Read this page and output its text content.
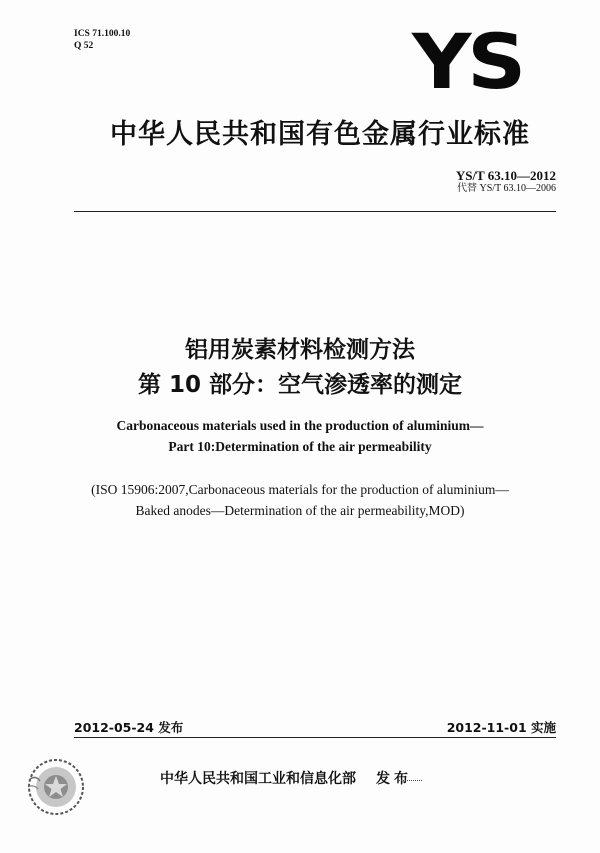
ICS 71.100.10
Q 52	YS
中华人民共和国有色金属行业标准
YS/T 63.10—2012
代替 YS/T 63.10—2006
铝用炭素材料检测方法
第 10 部分：空气渗透率的测定
Carbonaceous materials used in the production of aluminium—
Part 10:Determination of the air permeability
(ISO 15906:2007,Carbonaceous materials for the production of aluminium—
Baked anodes—Determination of the air permeability,MOD)
2012-05-24 发布	2012-11-01 实施
中华人民共和国工业和信息化部 发布
